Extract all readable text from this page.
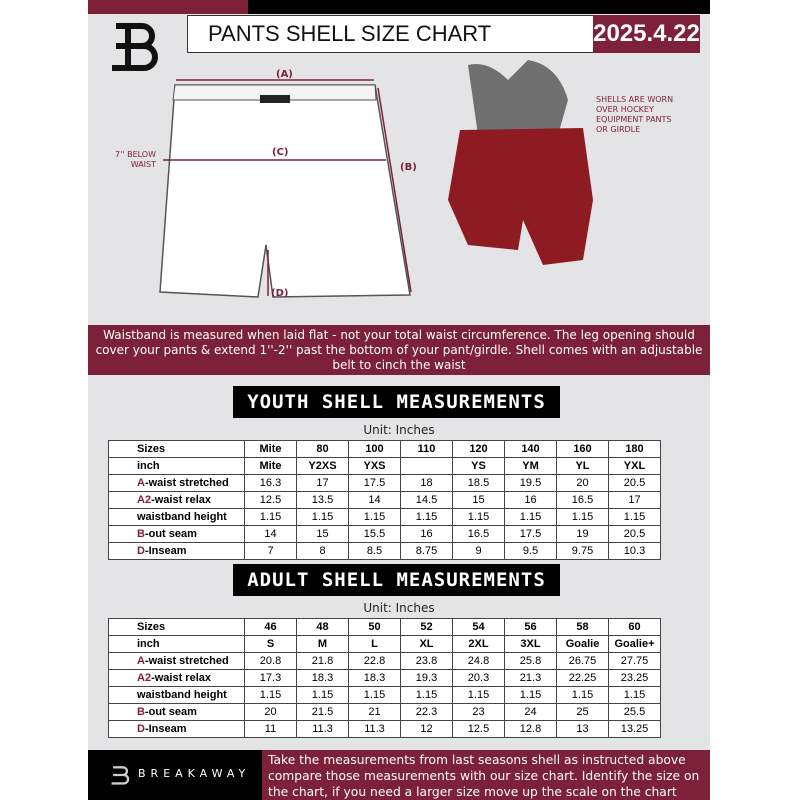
PANTS SHELL SIZE CHART	2025.4.22
(A)
(B)
(C)
(D)
7'' BELOW WAIST
SHELLS ARE WORN OVER HOCKEY EQUIPMENT PANTS OR GIRDLE
Waistband is measured when laid flat - not your total waist circumference. The leg opening should cover your pants & extend 1''-2'' past the bottom of your pant/girdle. Shell comes with an adjustable belt to cinch the waist
YOUTH SHELL MEASUREMENTS
Unit: Inches
Sizes	Mite	80	100	110	120	140	160	180
inch	Mite	Y2XS	YXS		YS	YM	YL	YXL
A-waist stretched	16.3	17	17.5	18	18.5	19.5	20	20.5
A2-waist relax	12.5	13.5	14	14.5	15	16	16.5	17
waistband height	1.15	1.15	1.15	1.15	1.15	1.15	1.15	1.15
B-out seam	14	15	15.5	16	16.5	17.5	19	20.5
D-Inseam	7	8	8.5	8.75	9	9.5	9.75	10.3
ADULT SHELL MEASUREMENTS
Unit: Inches
Sizes	46	48	50	52	54	56	58	60
inch	S	M	L	XL	2XL	3XL	Goalie	Goalie+
A-waist stretched	20.8	21.8	22.8	23.8	24.8	25.8	26.75	27.75
A2-waist relax	17.3	18.3	18.3	19.3	20.3	21.3	22.25	23.25
waistband height	1.15	1.15	1.15	1.15	1.15	1.15	1.15	1.15
B-out seam	20	21.5	21	22.3	23	24	25	25.5
D-Inseam	11	11.3	11.3	12	12.5	12.8	13	13.25
BREAKAWAY
Take the measurements from last seasons shell as instructed above compare those measurements with our size chart. Identify the size on the chart, if you need a larger size move up the scale on the chart
